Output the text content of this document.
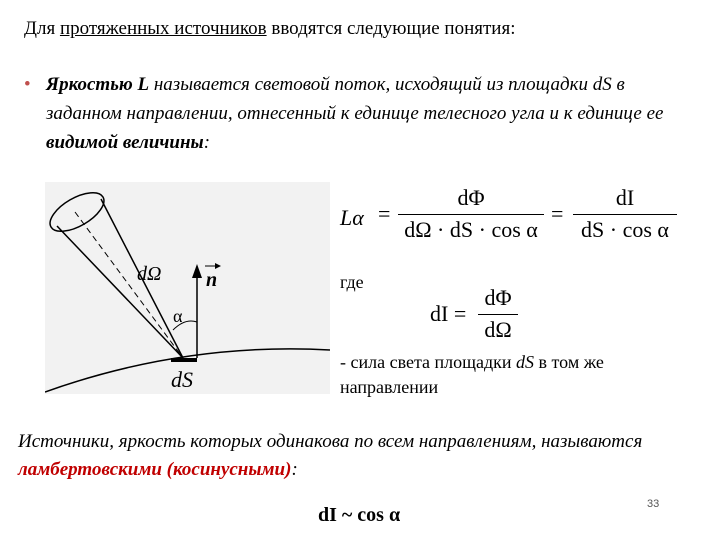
Для протяженных источников вводятся следующие понятия:
• Яркостью L называется световой поток, исходящий из площадки dS в заданном направлении, отнесенный к единице телесного угла и к единице ее видимой величины:
dΩ n
α
dS
Lα =
dΦ
dΩ · dS · cos α
=
dI
dS · cos α
где
dI =
dΦ
dΩ
- сила света площадки dS в том же направлении
Источники, яркость которых одинакова по всем направлениям, называются ламбертовскими (косинусными):
dI ~ cos α	33
